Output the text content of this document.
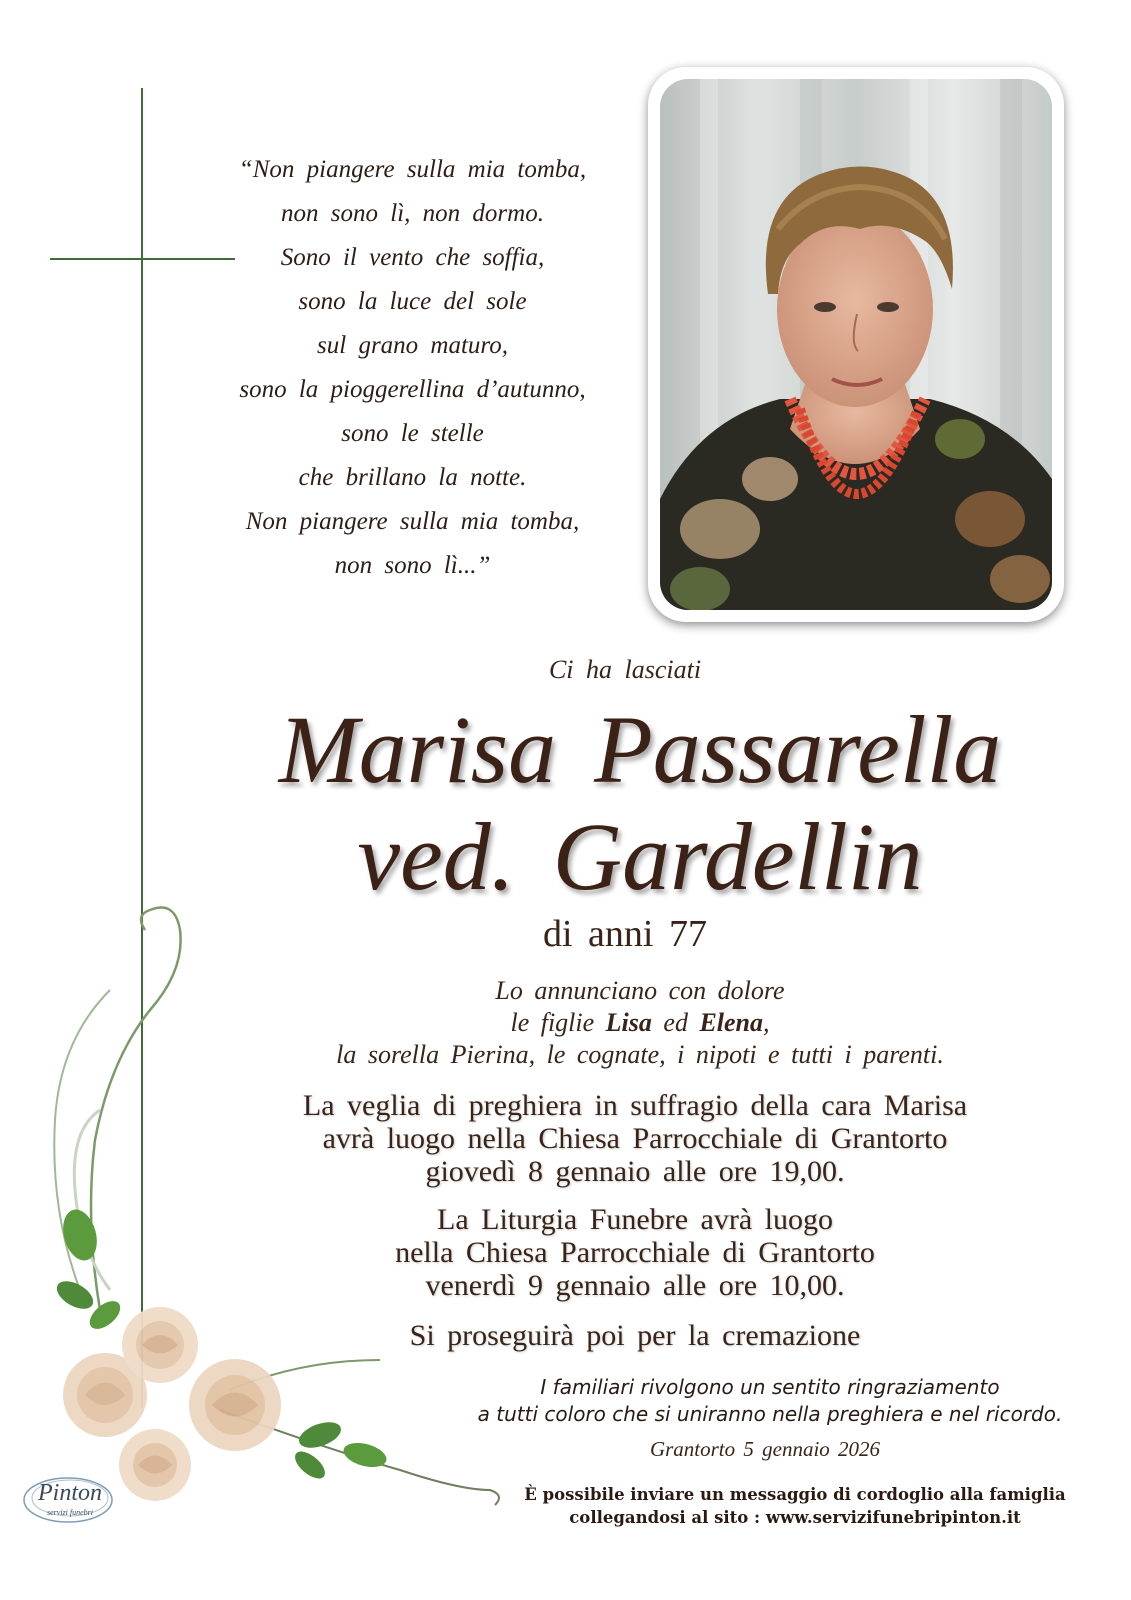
“Non piangere sulla mia tomba,
non sono lì, non dormo.
Sono il vento che soffia,
sono la luce del sole
sul grano maturo,
sono la pioggerellina d’autunno,
sono le stelle
che brillano la notte.
Non piangere sulla mia tomba,
non sono lì...”
Ci ha lasciati
Marisa Passarella
ved. Gardellin
di anni 77
Lo annunciano con dolore
le figlie Lisa ed Elena,
la sorella Pierina, le cognate, i nipoti e tutti i parenti.
La veglia di preghiera in suffragio della cara Marisa
avrà luogo nella Chiesa Parrocchiale di Grantorto
giovedì 8 gennaio alle ore 19,00.
La Liturgia Funebre avrà luogo
nella Chiesa Parrocchiale di Grantorto
venerdì 9 gennaio alle ore 10,00.
Si proseguirà poi per la cremazione
I familiari rivolgono un sentito ringraziamento
a tutti coloro che si uniranno nella preghiera e nel ricordo.
Grantorto 5 gennaio 2026
È possibile inviare un messaggio di cordoglio alla famiglia
collegandosi al sito : www.servizifunebripinton.it
Pinton
servizi funebri
